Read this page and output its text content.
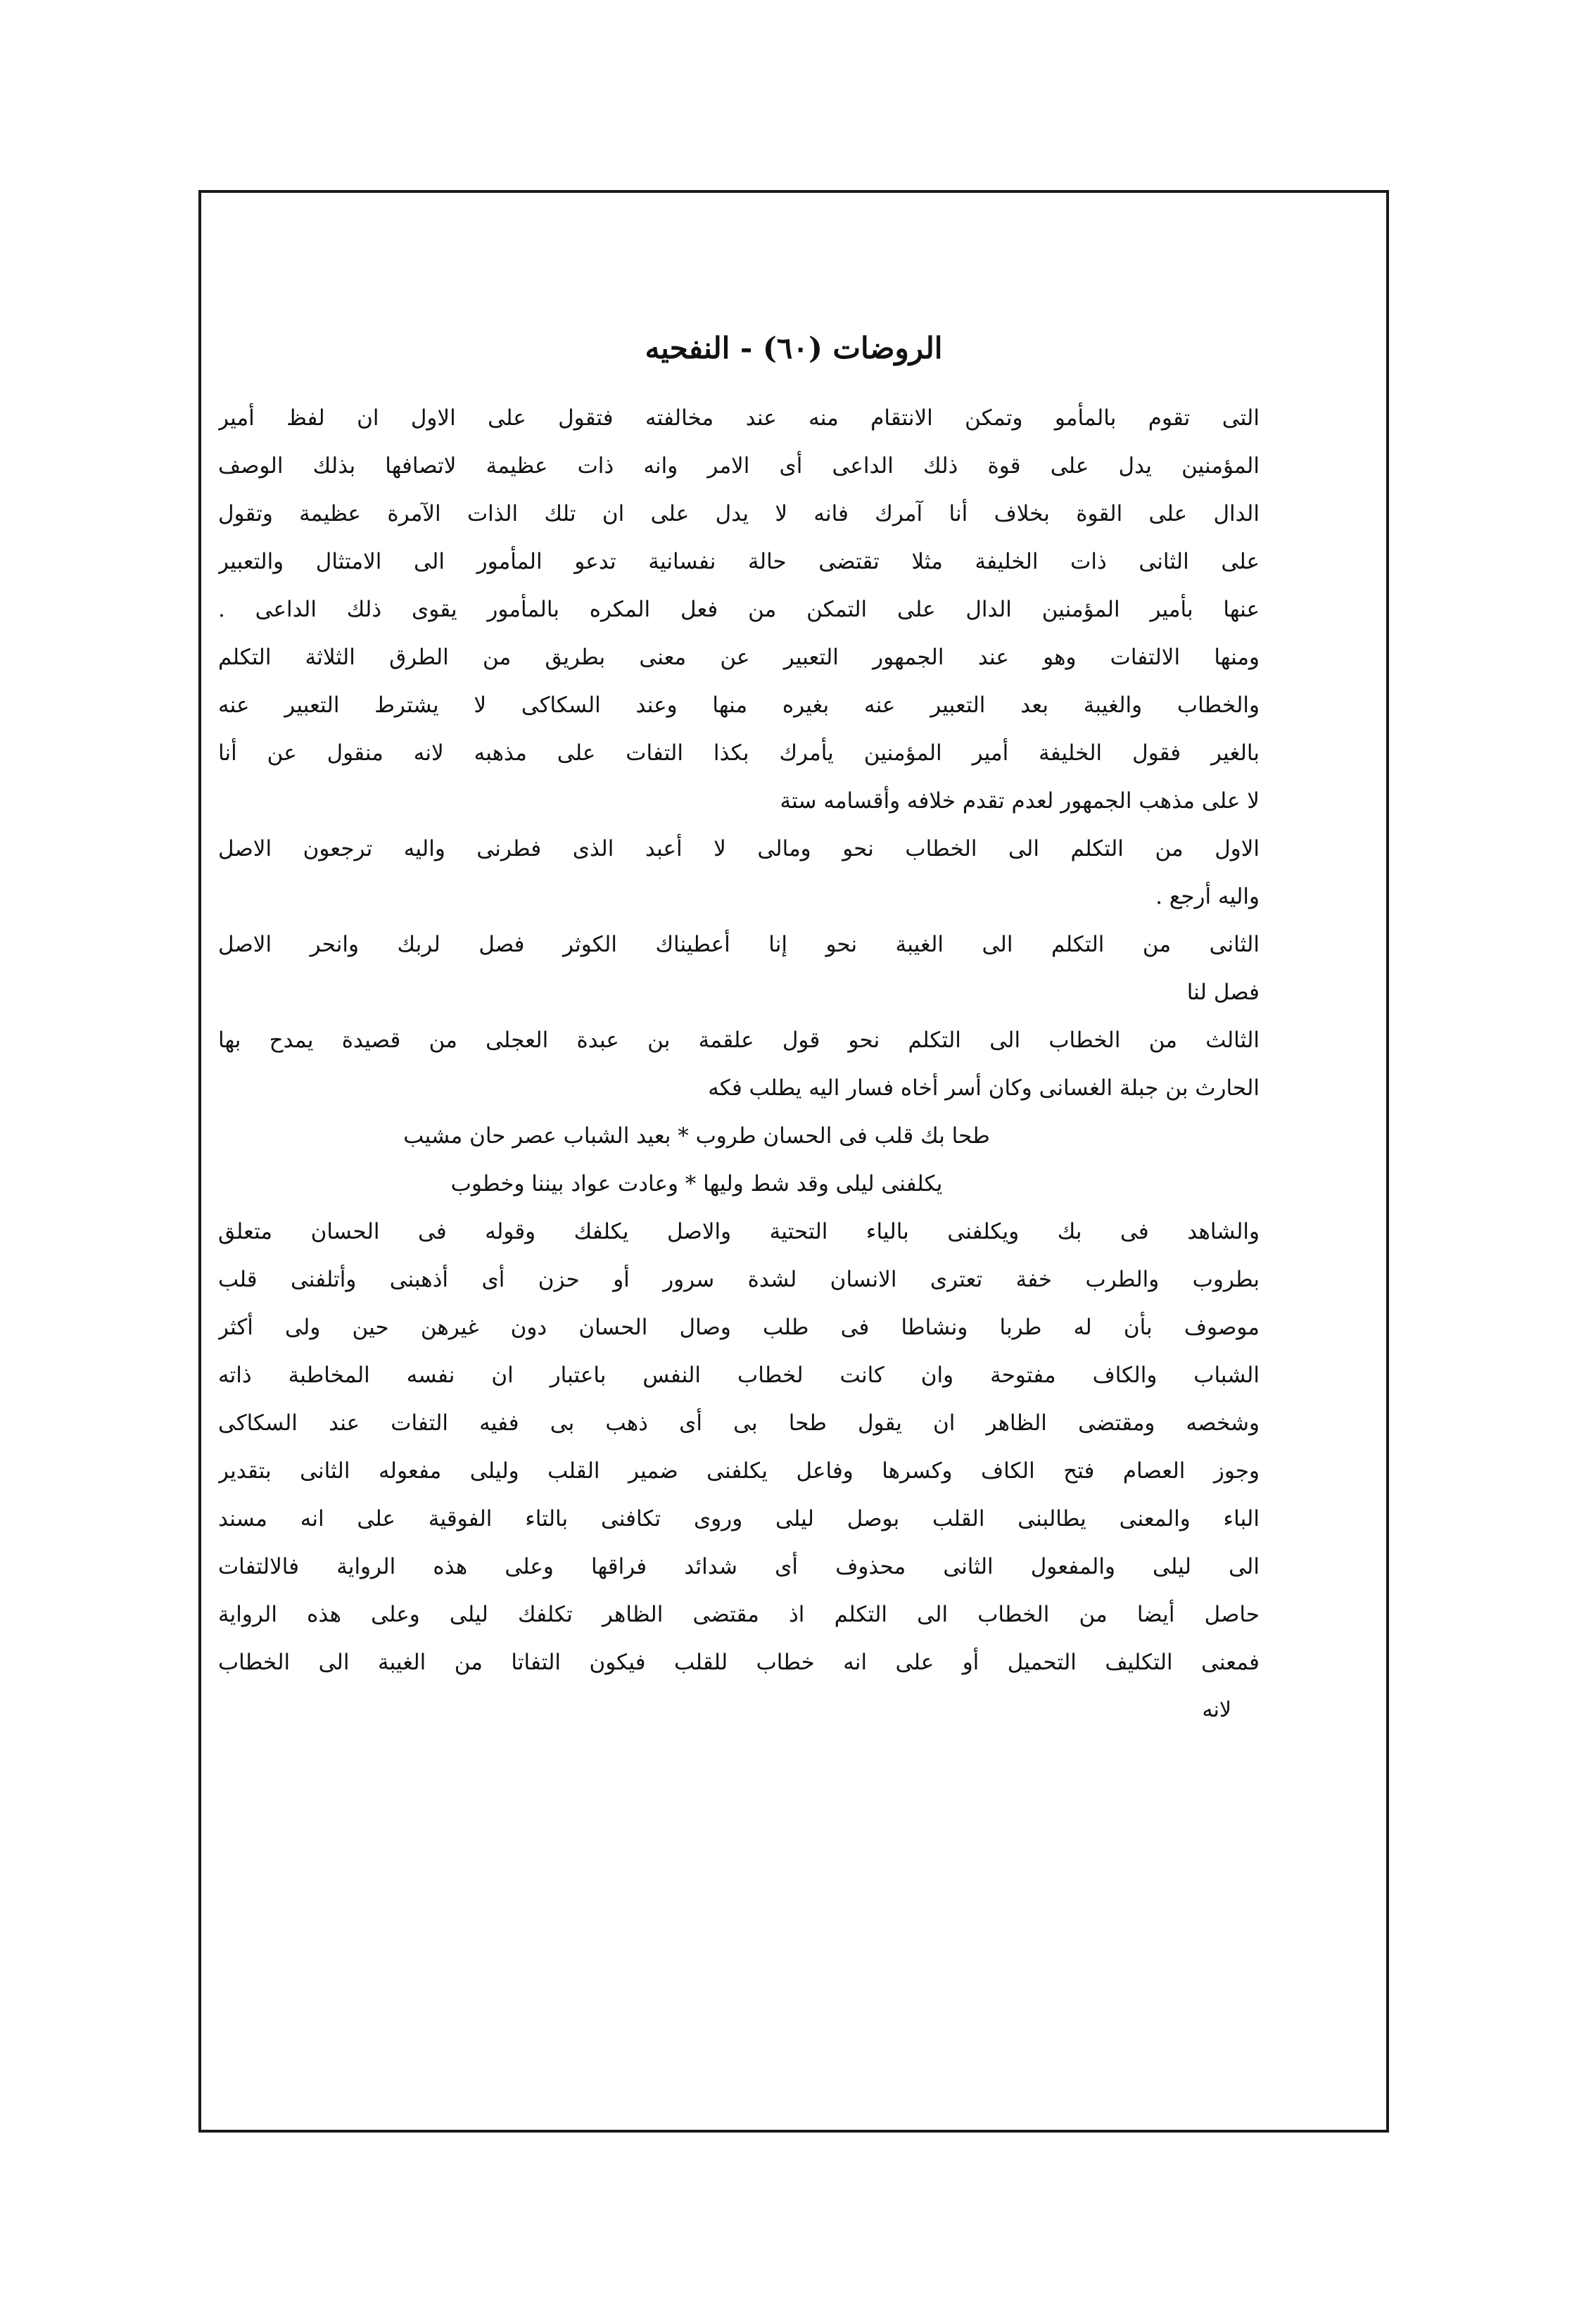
الروضات (٦٠) - النفحيه
التى تقوم بالمأمو وتمكن الانتقام منه عند مخالفته فتقول على الاول ان لفظ أمير
المؤمنين يدل على قوة ذلك الداعى أى الامر وانه ذات عظيمة لاتصافها بذلك الوصف
الدال على القوة بخلاف أنا آمرك فانه لا يدل على ان تلك الذات الآمرة عظيمة وتقول
على الثانى ذات الخليفة مثلا تقتضى حالة نفسانية تدعو المأمور الى الامتثال والتعبير
عنها بأمير المؤمنين الدال على التمكن من فعل المكره بالمأمور يقوى ذلك الداعى .
ومنها الالتفات وهو عند الجمهور التعبير عن معنى بطريق من الطرق الثلاثة التكلم
والخطاب والغيبة بعد التعبير عنه بغيره منها وعند السكاكى لا يشترط التعبير عنه
بالغير فقول الخليفة أمير المؤمنين يأمرك بكذا التفات على مذهبه لانه منقول عن أنا
لا على مذهب الجمهور لعدم تقدم خلافه وأقسامه ستة
الاول من التكلم الى الخطاب نحو ومالى لا أعبد الذى فطرنى واليه ترجعون الاصل
واليه أرجع .
الثانى من التكلم الى الغيبة نحو إنا أعطيناك الكوثر فصل لربك وانحر الاصل
فصل لنا
الثالث من الخطاب الى التكلم نحو قول علقمة بن عبدة العجلى من قصيدة يمدح بها
الحارث بن جبلة الغسانى وكان أسر أخاه فسار اليه يطلب فكه
طحا بك قلب فى الحسان طروب * بعيد الشباب عصر حان مشيب
يكلفنى ليلى وقد شط وليها * وعادت عواد بيننا وخطوب
والشاهد فى بك ويكلفنى بالياء التحتية والاصل يكلفك وقوله فى الحسان متعلق
بطروب والطرب خفة تعترى الانسان لشدة سرور أو حزن أى أذهبنى وأتلفنى قلب
موصوف بأن له طربا ونشاطا فى طلب وصال الحسان دون غيرهن حين ولى أكثر
الشباب والكاف مفتوحة وان كانت لخطاب النفس باعتبار ان نفسه المخاطبة ذاته
وشخصه ومقتضى الظاهر ان يقول طحا بى أى ذهب بى ففيه التفات عند السكاكى
وجوز العصام فتح الكاف وكسرها وفاعل يكلفنى ضمير القلب وليلى مفعوله الثانى بتقدير
الباء والمعنى يطالبنى القلب بوصل ليلى وروى تكافنى بالتاء الفوقية على انه مسند
الى ليلى والمفعول الثانى محذوف أى شدائد فراقها وعلى هذه الرواية فالالتفات
حاصل أيضا من الخطاب الى التكلم اذ مقتضى الظاهر تكلفك ليلى وعلى هذه الرواية
فمعنى التكليف التحميل أو على انه خطاب للقلب فيكون التفاتا من الغيبة الى الخطاب
لانه
